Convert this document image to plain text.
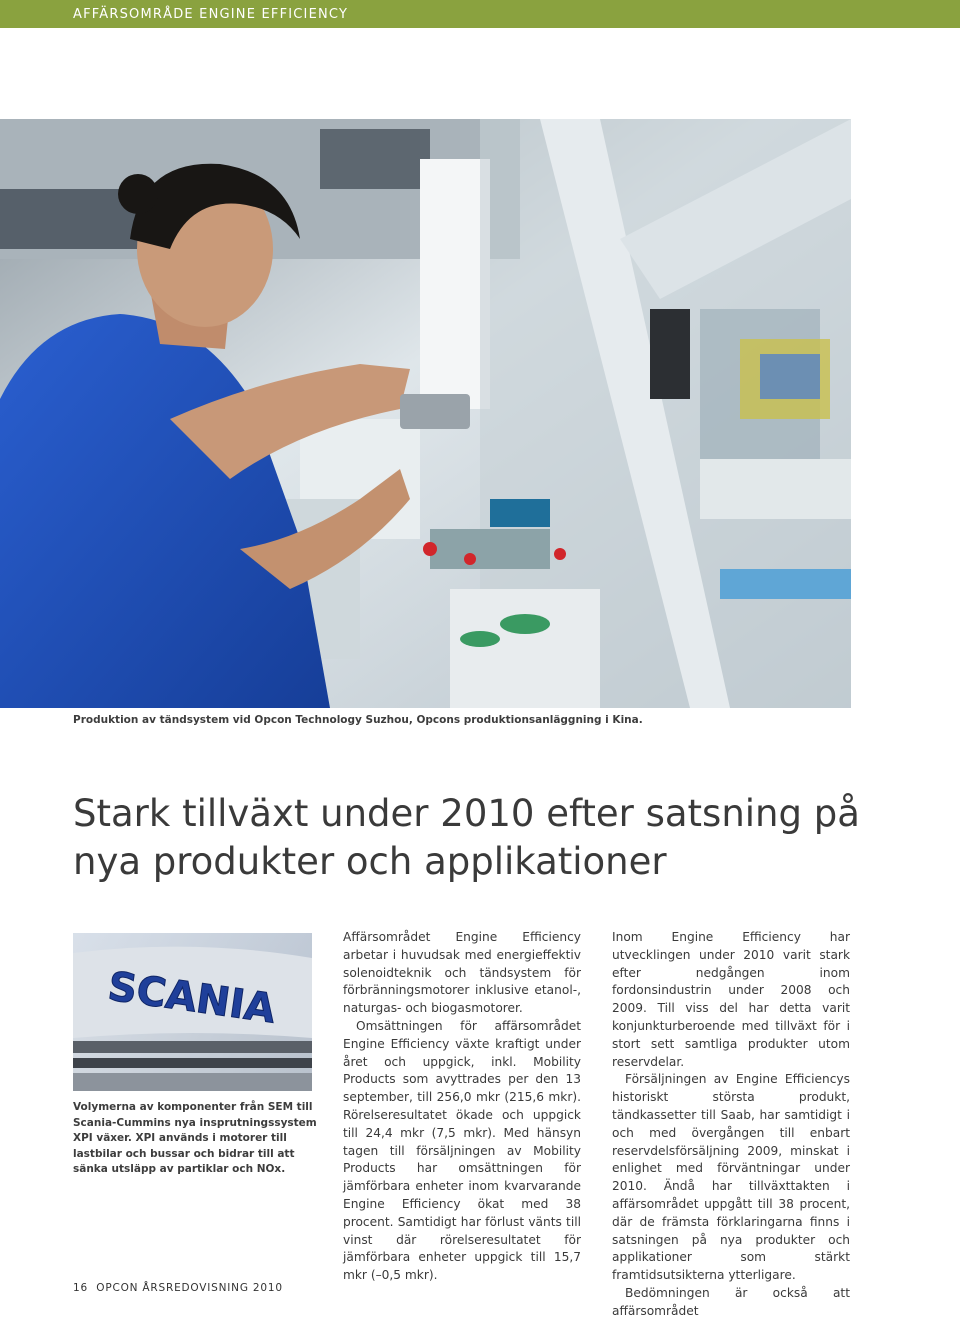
AFFÄRSOMRÅDE ENGINE EFFICIENCY
Produktion av tändsystem vid Opcon Technology Suzhou, Opcons produktionsanläggning i Kina.
Stark tillväxt under 2010 efter satsning på
nya produkter och applikationer
SCANIA
Volymerna av komponenter från SEM till Scania-Cummins nya insprutningssystem XPI växer. XPI används i motorer till lastbilar och bussar och bidrar till att sänka utsläpp av partiklar och NOx.

Affärsområdet Engine Efficiency arbetar i huvudsak med energieffektiv solenoidteknik och tändsystem för förbränningsmotorer inklusive etanol-, naturgas- och biogasmotorer.

Omsättningen för affärsområdet Engine Efficiency växte kraftigt under året och uppgick, inkl. Mobility Products som avyttrades per den 13 september, till 256,0 mkr (215,6 mkr). Rörelseresultatet ökade och uppgick till 24,4 mkr (7,5 mkr). Med hänsyn tagen till försäljningen av Mobility Products har omsättningen för jämförbara enheter inom kvarvarande Engine Efficiency ökat med 38 procent. Samtidigt har förlust vänts till vinst där rörelseresultatet för jämförbara enheter uppgick till 15,7 mkr (–0,5 mkr).

Inom Engine Efficiency har utvecklingen under 2010 varit stark efter nedgången inom fordonsindustrin under 2008 och 2009. Till viss del har detta varit konjunkturberoende med tillväxt för i stort sett samtliga produkter utom reservdelar.

Försäljningen av Engine Efficiencys historiskt största produkt, tändkassetter till Saab, har samtidigt i och med övergången till enbart reservdelsförsäljning 2009, minskat i enlighet med förväntningar under 2010. Ändå har tillväxttakten i affärsområdet uppgått till 38 procent, där de främsta förklaringarna finns i satsningen på nya produkter och applikationer som stärkt framtidsutsikterna ytterligare.

Bedömningen är också att affärsområdet

16 OPCON ÅRSREDOVISNING 2010
